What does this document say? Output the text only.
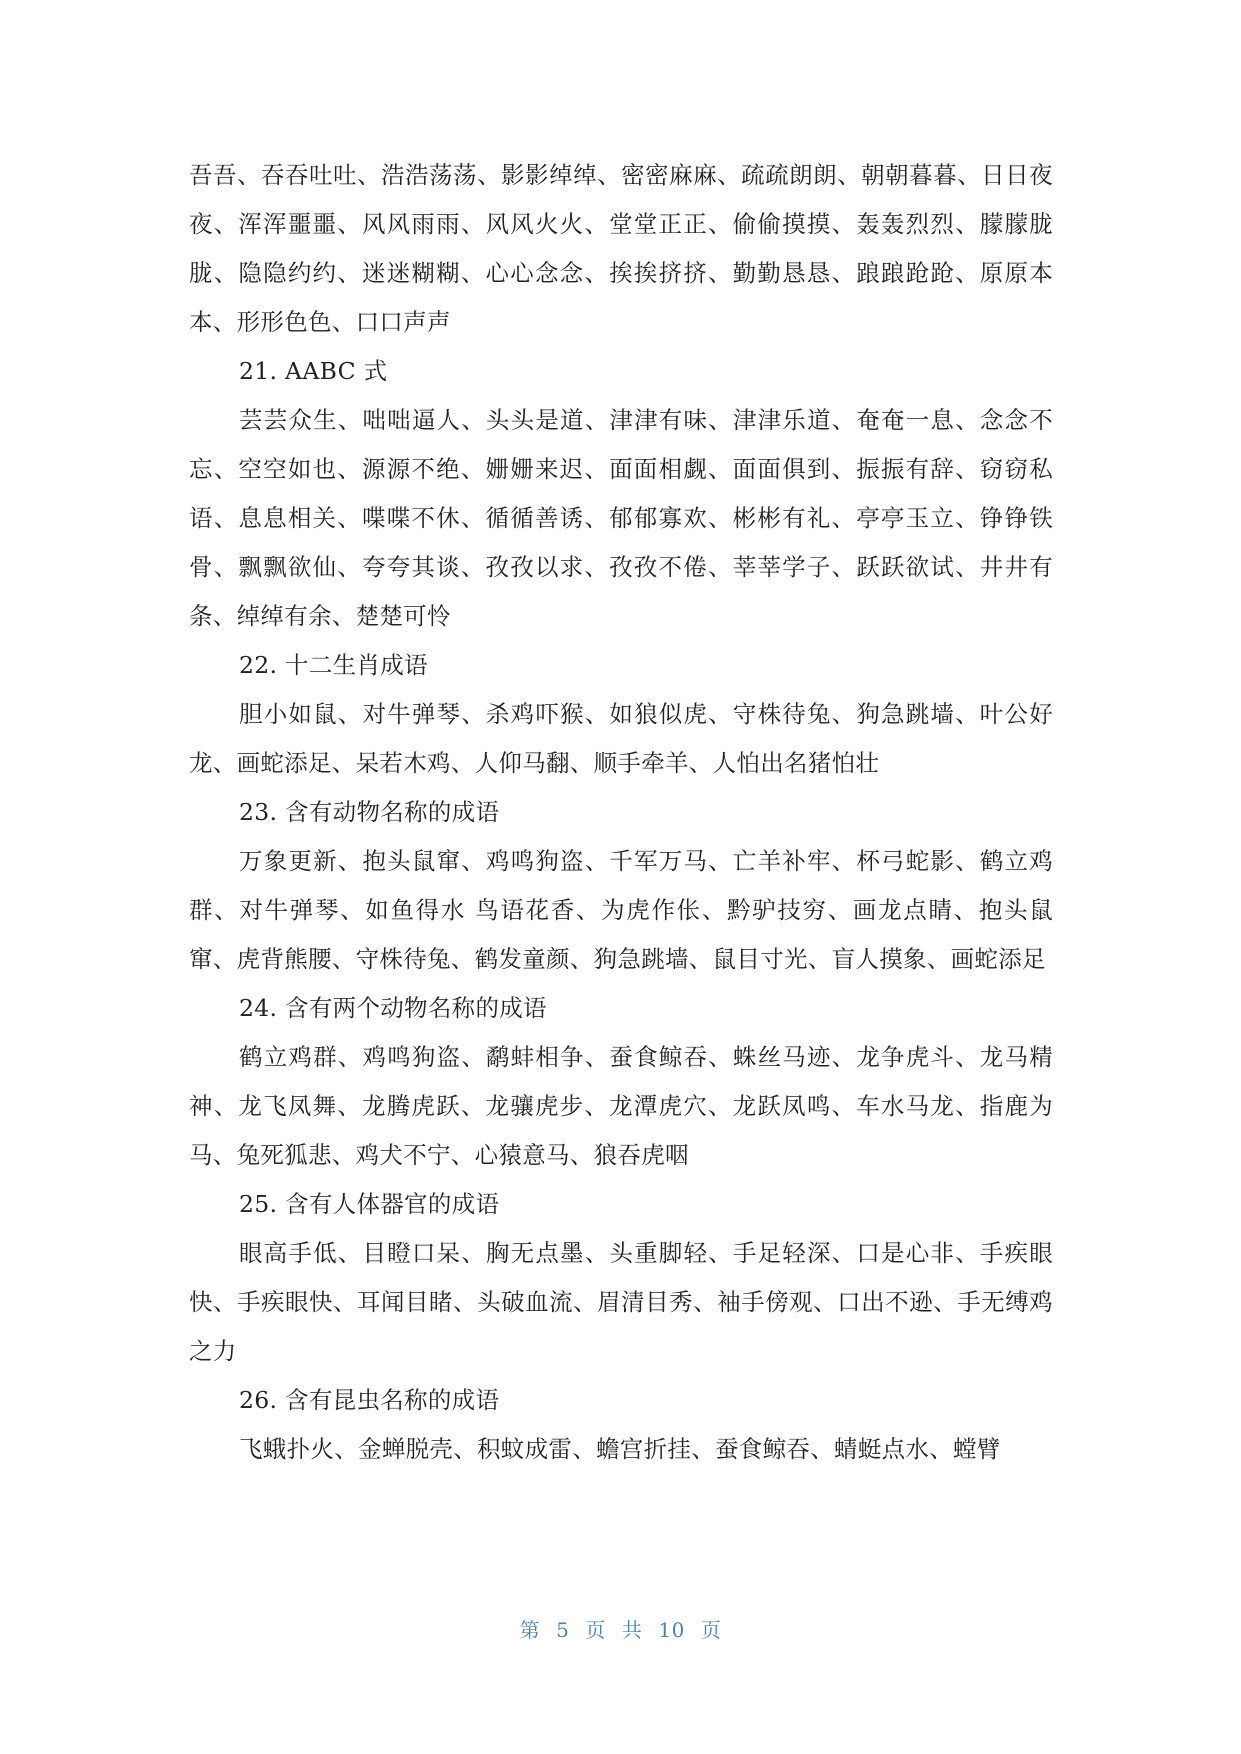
吾吾、吞吞吐吐、浩浩荡荡、影影绰绰、密密麻麻、疏疏朗朗、朝朝暮暮、日日夜夜、浑浑噩噩、风风雨雨、风风火火、堂堂正正、偷偷摸摸、轰轰烈烈、朦朦胧胧、隐隐约约、迷迷糊糊、心心念念、挨挨挤挤、勤勤恳恳、踉踉跄跄、原原本本、形形色色、口口声声

21. AABC 式

芸芸众生、咄咄逼人、头头是道、津津有味、津津乐道、奄奄一息、念念不忘、空空如也、源源不绝、姗姗来迟、面面相觑、面面俱到、振振有辞、窃窃私语、息息相关、喋喋不休、循循善诱、郁郁寡欢、彬彬有礼、亭亭玉立、铮铮铁骨、飘飘欲仙、夸夸其谈、孜孜以求、孜孜不倦、莘莘学子、跃跃欲试、井井有条、绰绰有余、楚楚可怜

22. 十二生肖成语

胆小如鼠、对牛弹琴、杀鸡吓猴、如狼似虎、守株待兔、狗急跳墙、叶公好龙、画蛇添足、呆若木鸡、人仰马翻、顺手牵羊、人怕出名猪怕壮

23. 含有动物名称的成语

万象更新、抱头鼠窜、鸡鸣狗盗、千军万马、亡羊补牢、杯弓蛇影、鹤立鸡群、对牛弹琴、如鱼得水 鸟语花香、为虎作伥、黔驴技穷、画龙点睛、抱头鼠窜、虎背熊腰、守株待兔、鹤发童颜、狗急跳墙、鼠目寸光、盲人摸象、画蛇添足

24. 含有两个动物名称的成语

鹤立鸡群、鸡鸣狗盗、鹬蚌相争、蚕食鲸吞、蛛丝马迹、龙争虎斗、龙马精神、龙飞凤舞、龙腾虎跃、龙骧虎步、龙潭虎穴、龙跃凤鸣、车水马龙、指鹿为马、兔死狐悲、鸡犬不宁、心猿意马、狼吞虎咽

25. 含有人体器官的成语

眼高手低、目瞪口呆、胸无点墨、头重脚轻、手足轻深、口是心非、手疾眼快、手疾眼快、耳闻目睹、头破血流、眉清目秀、袖手傍观、口出不逊、手无缚鸡之力

26. 含有昆虫名称的成语

飞蛾扑火、金蝉脱壳、积蚊成雷、蟾宫折挂、蚕食鲸吞、蜻蜓点水、螳臂

第 5 页 共 10 页
